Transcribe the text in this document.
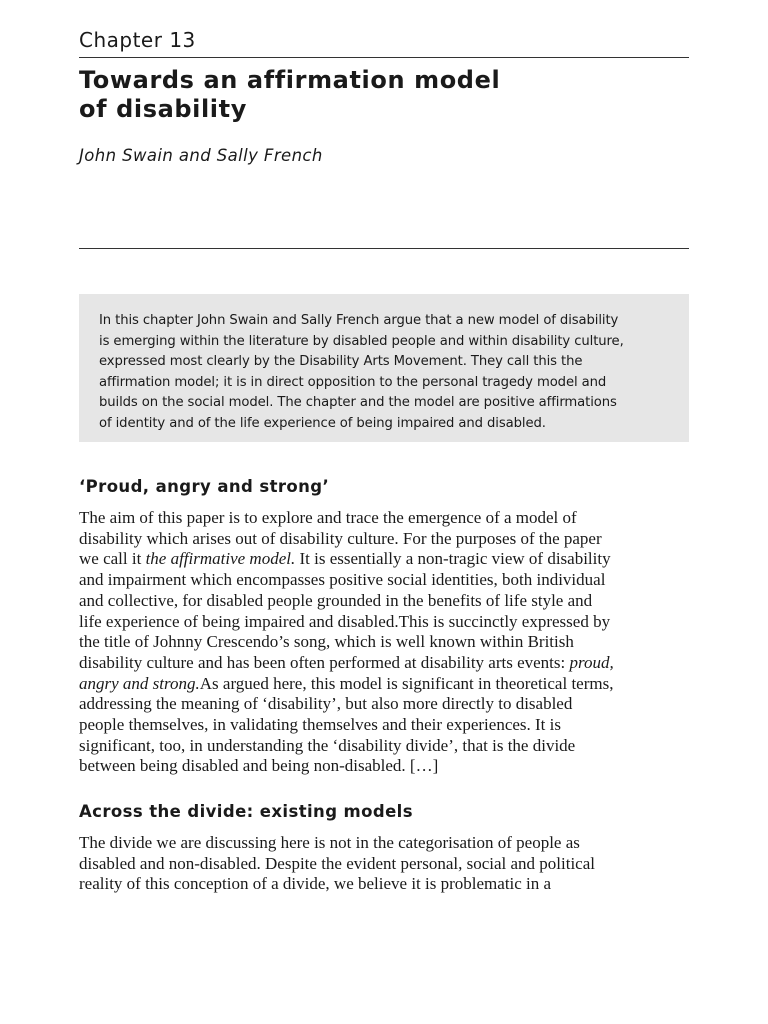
Chapter 13
Towards an affirmation model
of disability
John Swain and Sally French

In this chapter John Swain and Sally French argue that a new model of disability
is emerging within the literature by disabled people and within disability culture,
expressed most clearly by the Disability Arts Movement. They call this the
affirmation model; it is in direct opposition to the personal tragedy model and
builds on the social model. The chapter and the model are positive affirmations
of identity and of the life experience of being impaired and disabled.

‘Proud, angry and strong’

The aim of this paper is to explore and trace the emergence of a model of
disability which arises out of disability culture. For the purposes of the paper
we call it the affirmative model. It is essentially a non-tragic view of disability
and impairment which encompasses positive social identities, both individual
and collective, for disabled people grounded in the benefits of life style and
life experience of being impaired and disabled.This is succinctly expressed by
the title of Johnny Crescendo’s song, which is well known within British
disability culture and has been often performed at disability arts events: proud,
angry and strong.As argued here, this model is significant in theoretical terms,
addressing the meaning of ‘disability’, but also more directly to disabled
people themselves, in validating themselves and their experiences. It is
significant, too, in understanding the ‘disability divide’, that is the divide
between being disabled and being non-disabled. […]

Across the divide: existing models

The divide we are discussing here is not in the categorisation of people as
disabled and non-disabled. Despite the evident personal, social and political
reality of this conception of a divide, we believe it is problematic in a
